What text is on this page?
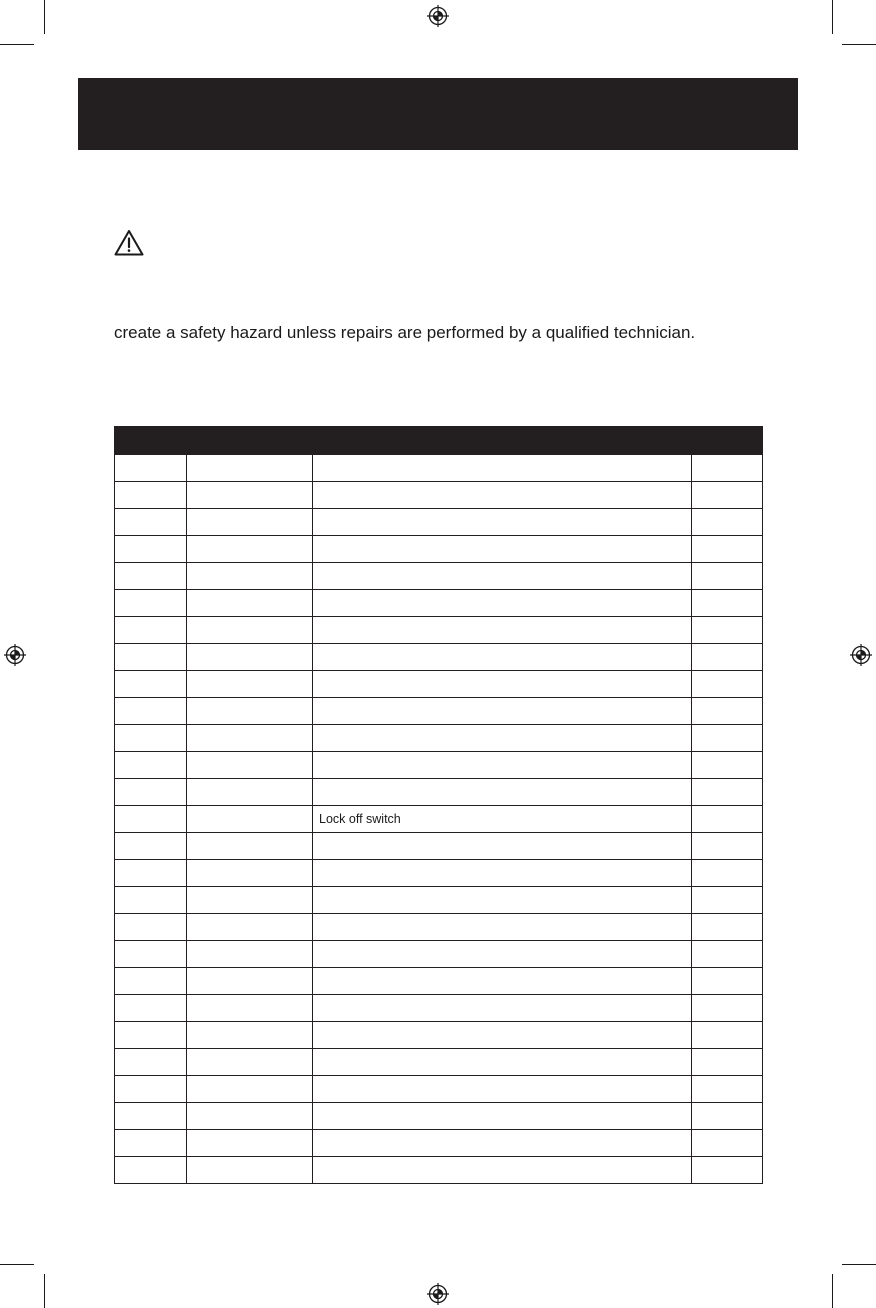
create a safety hazard unless repairs are performed by a qualified technician.

		Lock off switch	
